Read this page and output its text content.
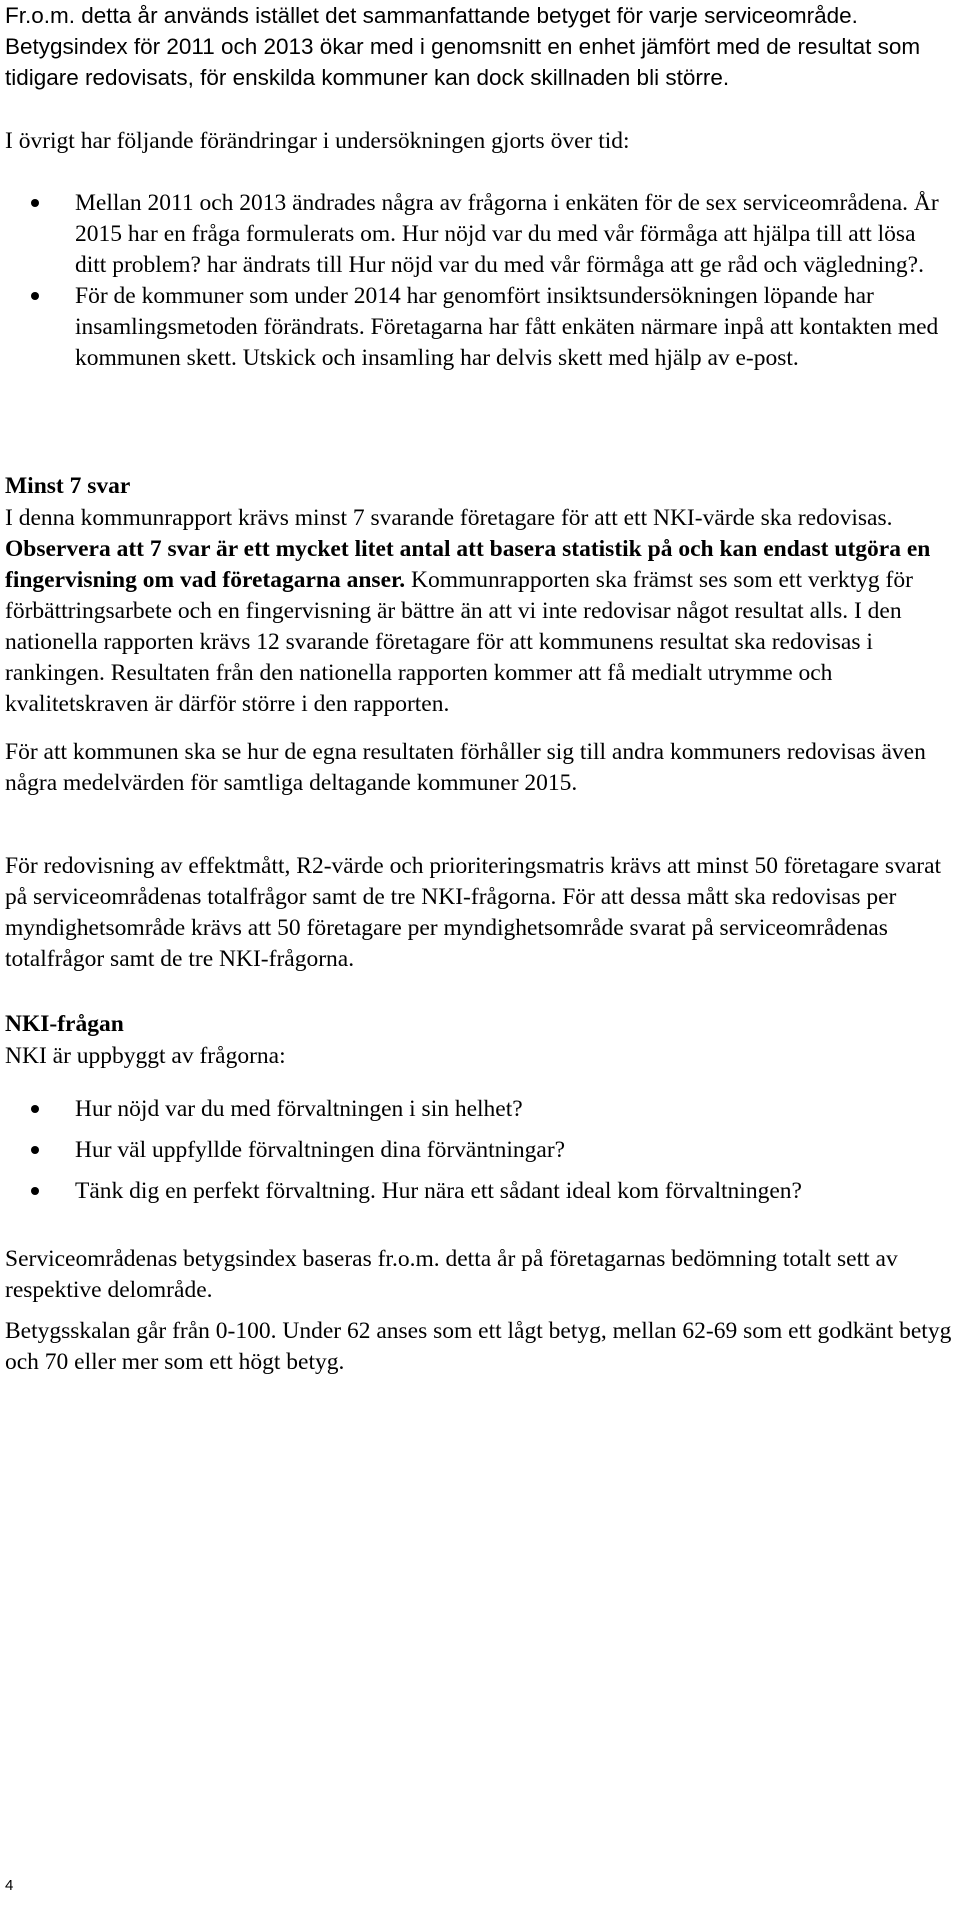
Fr.o.m. detta år används istället det sammanfattande betyget för varje serviceområde. Betygsindex för 2011 och 2013 ökar med i genomsnitt en enhet jämfört med de resultat som tidigare redovisats, för enskilda kommuner kan dock skillnaden bli större.

I övrigt har följande förändringar i undersökningen gjorts över tid:

Mellan 2011 och 2013 ändrades några av frågorna i enkäten för de sex serviceområdena. År 2015 har en fråga formulerats om. Hur nöjd var du med vår förmåga att hjälpa till att lösa ditt problem? har ändrats till Hur nöjd var du med vår förmåga att ge råd och vägledning?.
För de kommuner som under 2014 har genomfört insiktsundersökningen löpande har insamlingsmetoden förändrats. Företagarna har fått enkäten närmare inpå att kontakten med kommunen skett. Utskick och insamling har delvis skett med hjälp av e-post.
Minst 7 svar

I denna kommunrapport krävs minst 7 svarande företagare för att ett NKI-värde ska redovisas. Observera att 7 svar är ett mycket litet antal att basera statistik på och kan endast utgöra en fingervisning om vad företagarna anser. Kommunrapporten ska främst ses som ett verktyg för förbättringsarbete och en fingervisning är bättre än att vi inte redovisar något resultat alls. I den nationella rapporten krävs 12 svarande företagare för att kommunens resultat ska redovisas i rankingen. Resultaten från den nationella rapporten kommer att få medialt utrymme och kvalitetskraven är därför större i den rapporten.

För att kommunen ska se hur de egna resultaten förhåller sig till andra kommuners redovisas även några medelvärden för samtliga deltagande kommuner 2015.

För redovisning av effektmått, R2-värde och prioriteringsmatris krävs att minst 50 företagare svarat på serviceområdenas totalfrågor samt de tre NKI-frågorna. För att dessa mått ska redovisas per myndighetsområde krävs att 50 företagare per myndighetsområde svarat på serviceområdenas totalfrågor samt de tre NKI-frågorna.

NKI-frågan

NKI är uppbyggt av frågorna:

Hur nöjd var du med förvaltningen i sin helhet?
Hur väl uppfyllde förvaltningen dina förväntningar?
Tänk dig en perfekt förvaltning. Hur nära ett sådant ideal kom förvaltningen?

Serviceområdenas betygsindex baseras fr.o.m. detta år på företagarnas bedömning totalt sett av respektive delområde.

Betygsskalan går från 0-100. Under 62 anses som ett lågt betyg, mellan 62-69 som ett godkänt betyg och 70 eller mer som ett högt betyg.

4
